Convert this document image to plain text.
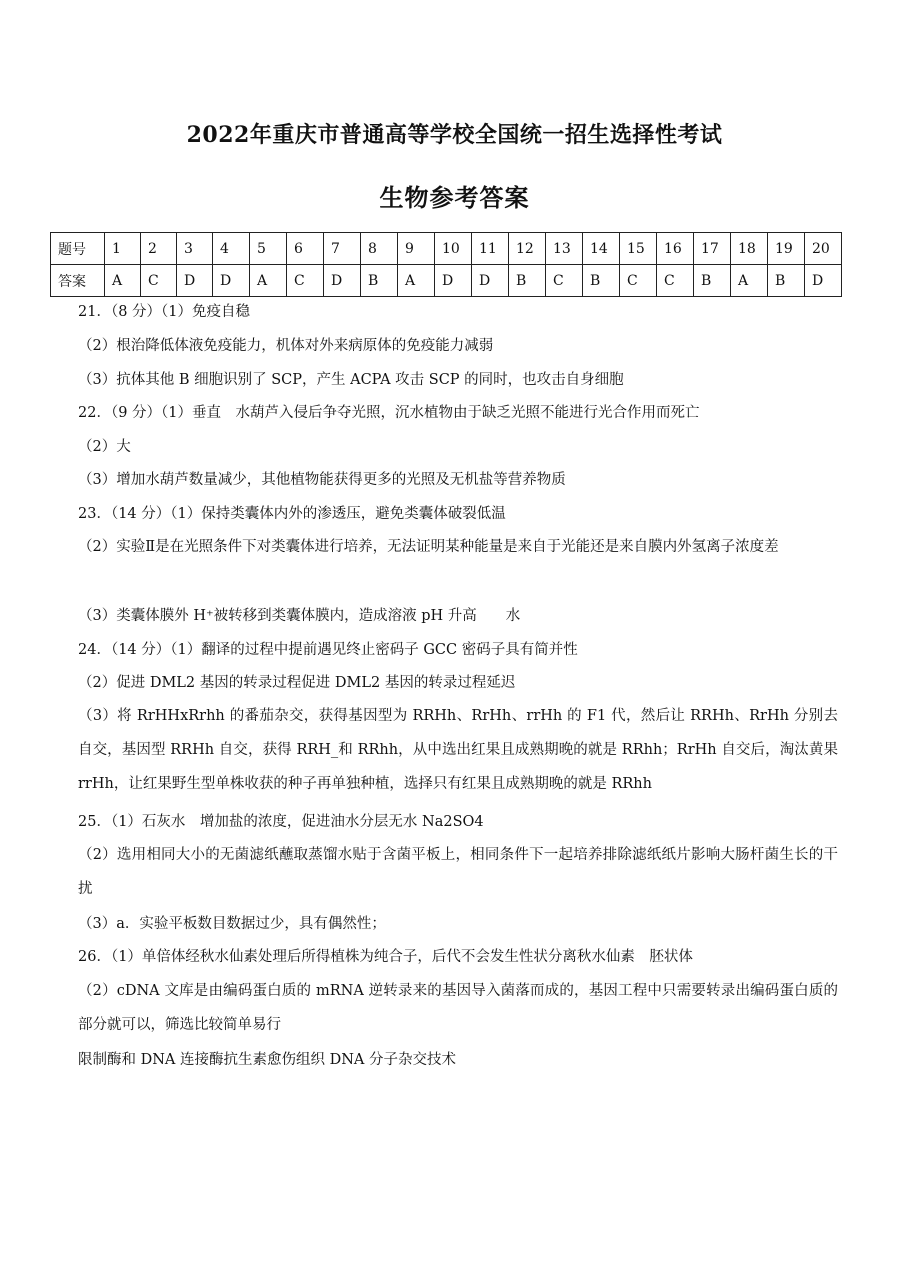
2022年重庆市普通高等学校全国统一招生选择性考试
生物参考答案
题号	1	2	3	4	5	6	7	8	9	10	11	12	13	14	15	16	17	18	19	20
答案	A	C	D	D	A	C	D	B	A	D	D	B	C	B	C	C	B	A	B	D
21．（8 分）（1）免疫自稳
（2）根治降低体液免疫能力，机体对外来病原体的免疫能力减弱
（3）抗体其他 B 细胞识别了 SCP，产生 ACPA 攻击 SCP 的同时，也攻击自身细胞
22．（9 分）（1）垂直　水葫芦入侵后争夺光照，沉水植物由于缺乏光照不能进行光合作用而死亡
（2）大
（3）增加水葫芦数量减少，其他植物能获得更多的光照及无机盐等营养物质
23．（14 分）（1）保持类囊体内外的渗透压，避免类囊体破裂低温
（2）实验Ⅱ是在光照条件下对类囊体进行培养，无法证明某种能量是来自于光能还是来自膜内外氢离子浓度差
（3）类囊体膜外 H⁺被转移到类囊体膜内，造成溶液 pH 升高　　水
24．（14 分）（1）翻译的过程中提前遇见终止密码子 GCC 密码子具有简并性
（2）促进 DML2 基因的转录过程促进 DML2 基因的转录过程延迟
（3）将 RrHHxRrhh 的番茄杂交，获得基因型为 RRHh、RrHh、rrHh 的 F1 代，然后让 RRHh、RrHh 分别去自交，基因型 RRHh 自交，获得 RRH_和 RRhh，从中选出红果且成熟期晚的就是 RRhh；RrHh 自交后，淘汰黄果 rrHh，让红果野生型单株收获的种子再单独种植，选择只有红果且成熟期晚的就是 RRhh
25．（1）石灰水　增加盐的浓度，促进油水分层无水 Na2SO4
（2）选用相同大小的无菌滤纸蘸取蒸馏水贴于含菌平板上，相同条件下一起培养排除滤纸纸片影响大肠杆菌生长的干扰
（3）a．实验平板数目数据过少，具有偶然性；
26．（1）单倍体经秋水仙素处理后所得植株为纯合子，后代不会发生性状分离秋水仙素　胚状体
（2）cDNA 文库是由编码蛋白质的 mRNA 逆转录来的基因导入菌落而成的，基因工程中只需要转录出编码蛋白质的部分就可以，筛选比较简单易行
限制酶和 DNA 连接酶抗生素愈伤组织 DNA 分子杂交技术
